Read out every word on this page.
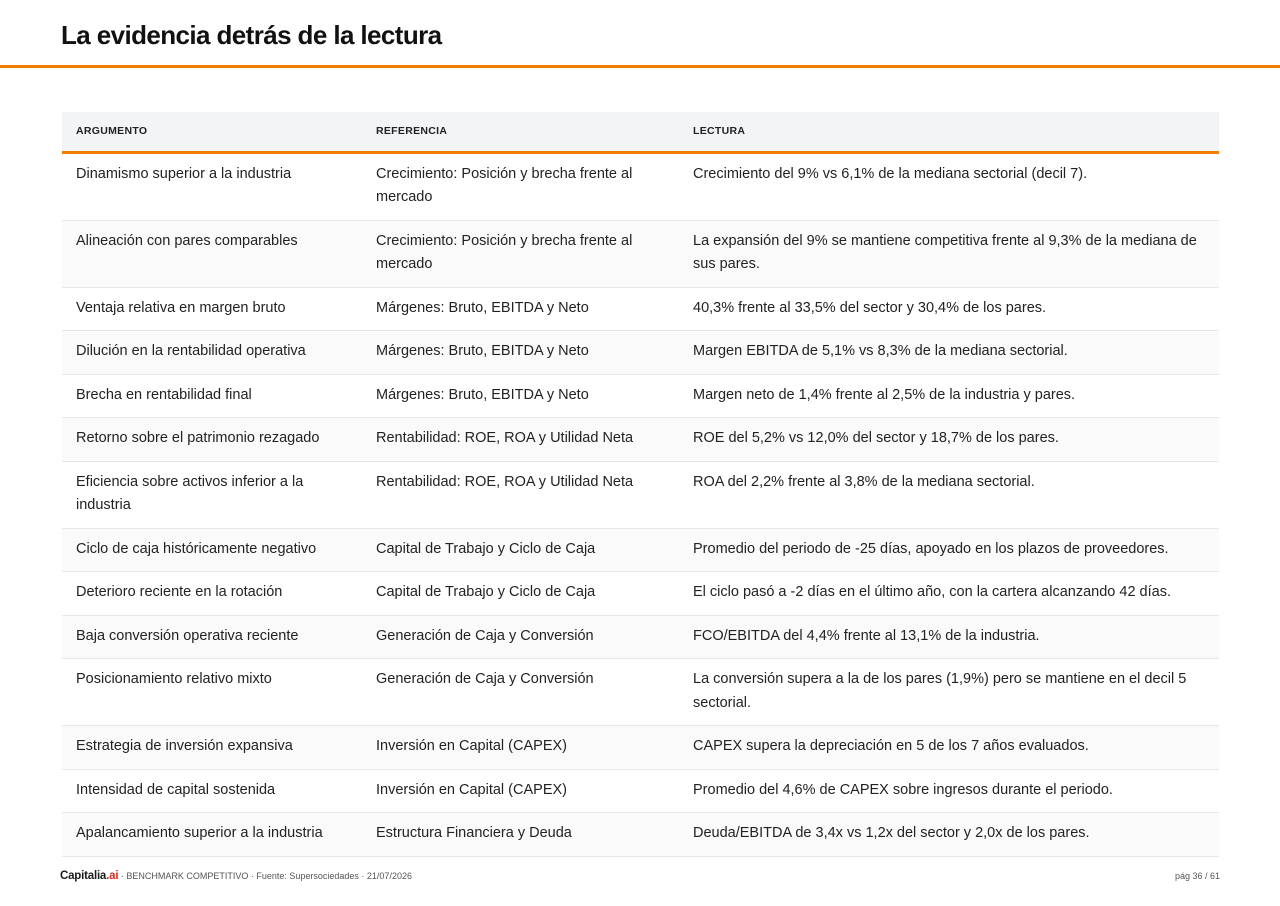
La evidencia detrás de la lectura
ARGUMENTO	REFERENCIA	LECTURA
Dinamismo superior a la industria	Crecimiento: Posición y brecha frente al mercado	Crecimiento del 9% vs 6,1% de la mediana sectorial (decil 7).
Alineación con pares comparables	Crecimiento: Posición y brecha frente al mercado	La expansión del 9% se mantiene competitiva frente al 9,3% de la mediana de sus pares.
Ventaja relativa en margen bruto	Márgenes: Bruto, EBITDA y Neto	40,3% frente al 33,5% del sector y 30,4% de los pares.
Dilución en la rentabilidad operativa	Márgenes: Bruto, EBITDA y Neto	Margen EBITDA de 5,1% vs 8,3% de la mediana sectorial.
Brecha en rentabilidad final	Márgenes: Bruto, EBITDA y Neto	Margen neto de 1,4% frente al 2,5% de la industria y pares.
Retorno sobre el patrimonio rezagado	Rentabilidad: ROE, ROA y Utilidad Neta	ROE del 5,2% vs 12,0% del sector y 18,7% de los pares.
Eficiencia sobre activos inferior a la industria	Rentabilidad: ROE, ROA y Utilidad Neta	ROA del 2,2% frente al 3,8% de la mediana sectorial.
Ciclo de caja históricamente negativo	Capital de Trabajo y Ciclo de Caja	Promedio del periodo de -25 días, apoyado en los plazos de proveedores.
Deterioro reciente en la rotación	Capital de Trabajo y Ciclo de Caja	El ciclo pasó a -2 días en el último año, con la cartera alcanzando 42 días.
Baja conversión operativa reciente	Generación de Caja y Conversión	FCO/EBITDA del 4,4% frente al 13,1% de la industria.
Posicionamiento relativo mixto	Generación de Caja y Conversión	La conversión supera a la de los pares (1,9%) pero se mantiene en el decil 5 sectorial.
Estrategia de inversión expansiva	Inversión en Capital (CAPEX)	CAPEX supera la depreciación en 5 de los 7 años evaluados.
Intensidad de capital sostenida	Inversión en Capital (CAPEX)	Promedio del 4,6% de CAPEX sobre ingresos durante el periodo.
Apalancamiento superior a la industria	Estructura Financiera y Deuda	Deuda/EBITDA de 3,4x vs 1,2x del sector y 2,0x de los pares.
Capitalia.ai · BENCHMARK COMPETITIVO · Fuente: Supersociedades · 21/07/2026	pág 36 / 61
